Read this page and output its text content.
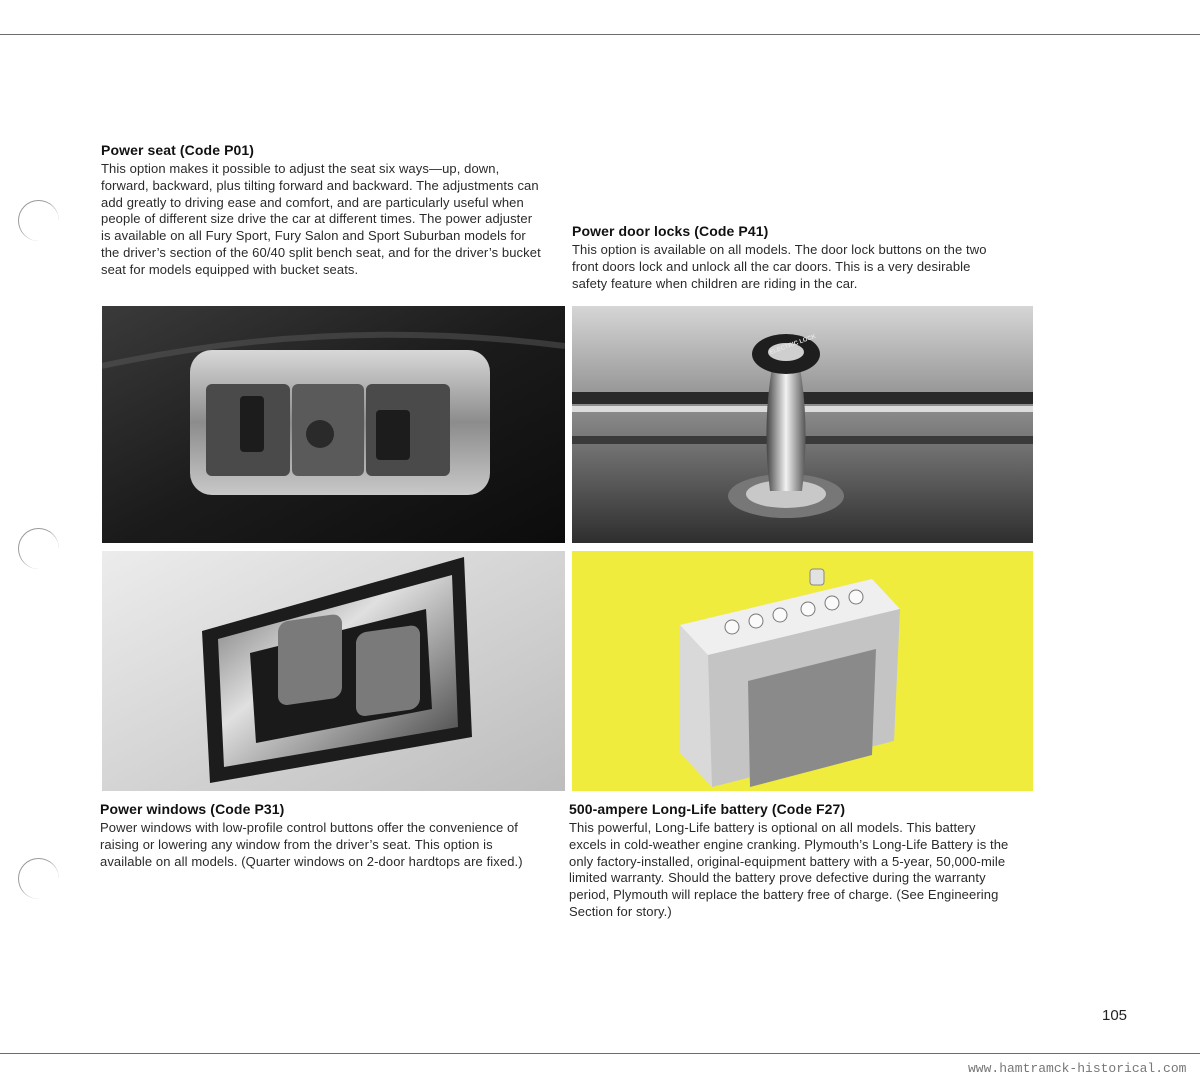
Power seat (Code P01)

This option makes it possible to adjust the seat six ways—up, down, forward, backward, plus tilting forward and backward. The adjustments can add greatly to driving ease and comfort, and are particularly useful when people of different size drive the car at different times. The power adjuster is available on all Fury Sport, Fury Salon and Sport Suburban models for the driver’s section of the 60/40 split bench seat, and for the driver’s bucket seat for models equipped with bucket seats.

Power door locks (Code P41)

This option is available on all models. The door lock buttons on the two front doors lock and unlock all the car doors. This is a very desirable safety feature when children are riding in the car.

ELECTRIC LOCK
Power windows (Code P31)

Power windows with low-profile control buttons offer the convenience of raising or lowering any window from the driver’s seat. This option is available on all models. (Quarter windows on 2-door hardtops are fixed.)

500-ampere Long-Life battery (Code F27)

This powerful, Long-Life battery is optional on all models. This battery excels in cold-weather engine cranking. Plymouth’s Long-Life Battery is the only factory-installed, original-equipment battery with a 5-year, 50,000-mile limited warranty. Should the battery prove defective during the warranty period, Plymouth will replace the battery free of charge. (See Engineering Section for story.)

105
www.hamtramck-historical.com
